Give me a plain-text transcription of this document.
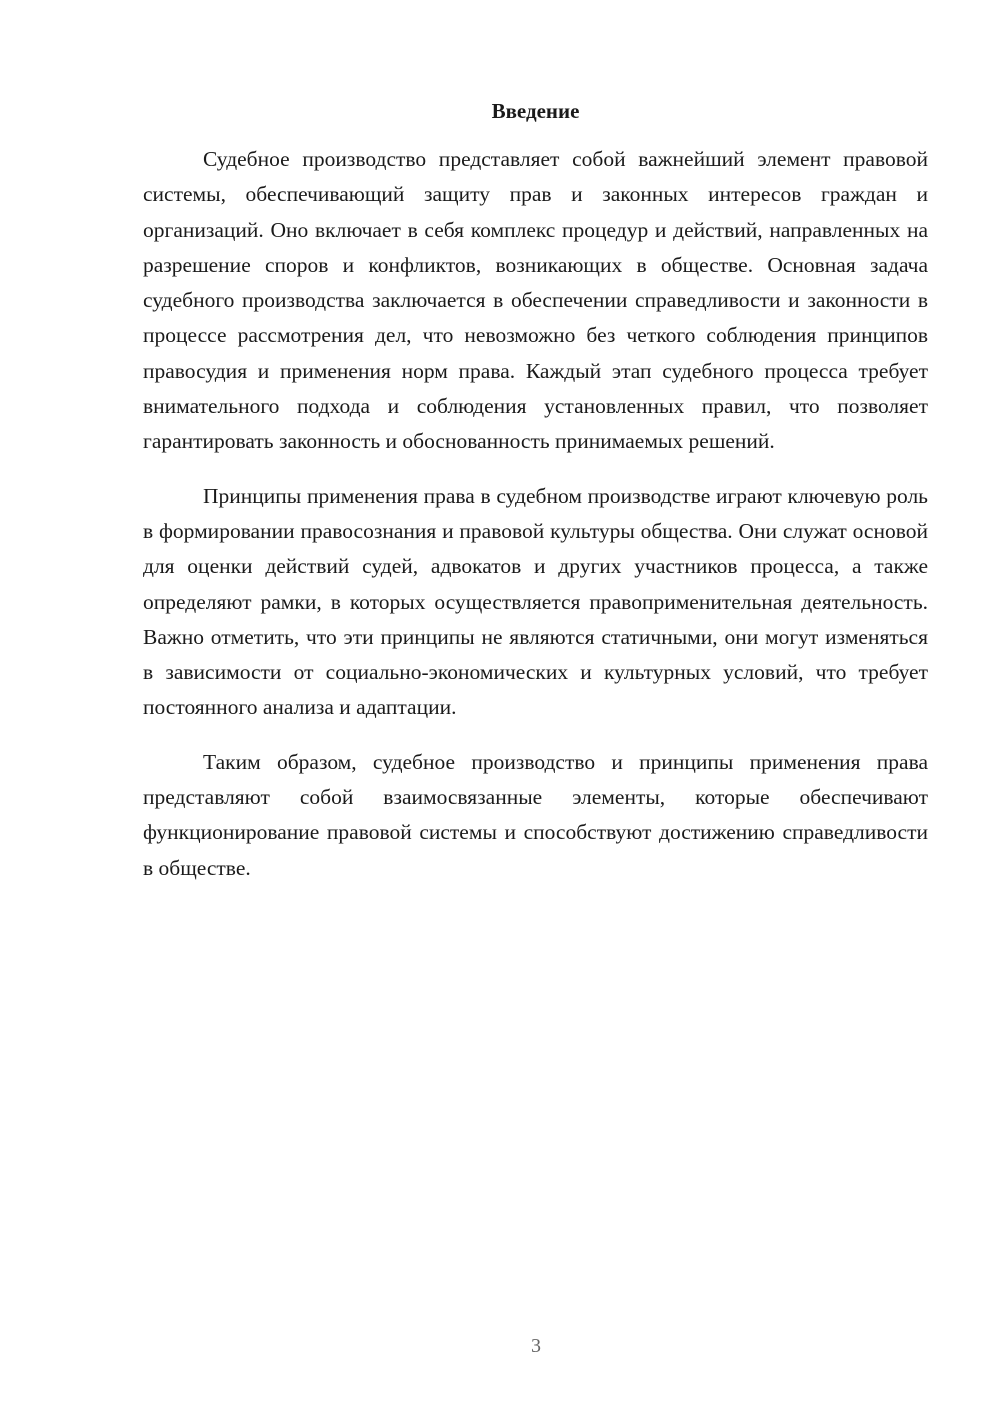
Введение

Судебное производство представляет собой важнейший элемент правовой системы, обеспечивающий защиту прав и законных интересов граждан и организаций. Оно включает в себя комплекс процедур и действий, направленных на разрешение споров и конфликтов, возникающих в обществе. Основная задача судебного производства заключается в обеспечении справедливости и законности в процессе рассмотрения дел, что невозможно без четкого соблюдения принципов правосудия и применения норм права. Каждый этап судебного процесса требует внимательного подхода и соблюдения установленных правил, что позволяет гарантировать законность и обоснованность принимаемых решений.

Принципы применения права в судебном производстве играют ключевую роль в формировании правосознания и правовой культуры общества. Они служат основой для оценки действий судей, адвокатов и других участников процесса, а также определяют рамки, в которых осуществляется правоприменительная деятельность. Важно отметить, что эти принципы не являются статичными, они могут изменяться в зависимости от социально-экономических и культурных условий, что требует постоянного анализа и адаптации.

Таким образом, судебное производство и принципы применения права представляют собой взаимосвязанные элементы, которые обеспечивают функционирование правовой системы и способствуют достижению справедливости в обществе.

3
